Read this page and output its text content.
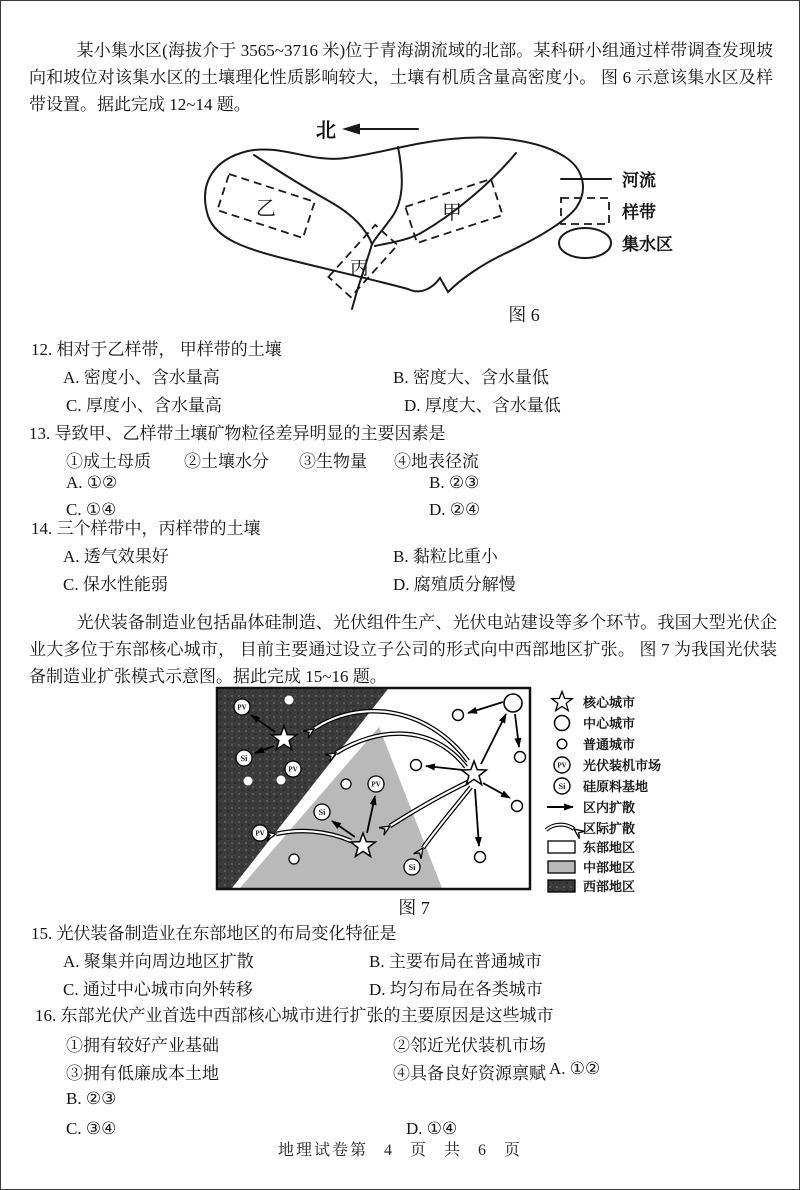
某小集水区(海拔介于 3565~3716 米)位于青海湖流域的北部。某科研小组通过样带调查发现坡向和坡位对该集水区的土壤理化性质影响较大，土壤有机质含量高密度小。 图 6 示意该集水区及样带设置。据此完成 12~14 题。
北
乙	甲
丙
河流
样带
集水区
图 6
12. 相对于乙样带， 甲样带的土壤
A. 密度小、含水量高	B. 密度大、含水量低
C. 厚度小、含水量高	D. 厚度大、含水量低
13. 导致甲、乙样带土壤矿物粒径差异明显的主要因素是
①成土母质 ②土壤水分 ③生物量 ④地表径流
A. ①②	B. ②③
C. ①④	D. ②④
14. 三个样带中，丙样带的土壤
A. 透气效果好	B. 黏粒比重小
C. 保水性能弱	D. 腐殖质分解慢
光伏装备制造业包括晶体硅制造、光伏组件生产、光伏电站建设等多个环节。我国大型光伏企业大多位于东部核心城市， 目前主要通过设立子公司的形式向中西部地区扩张。 图 7 为我国光伏装备制造业扩张模式示意图。据此完成 15~16 题。
PV
PV
PV
PV
Si
Si
Si
核心城市
中心城市
普通城市
PV 光伏装机市场
Si 硅原料基地
区内扩散
区际扩散
东部地区
中部地区
西部地区
图 7
15. 光伏装备制造业在东部地区的布局变化特征是
A. 聚集并向周边地区扩散	B. 主要布局在普通城市
C. 通过中心城市向外转移	D. 均匀布局在各类城市
16. 东部光伏产业首选中西部核心城市进行扩张的主要原因是这些城市
①拥有较好产业基础	②邻近光伏装机市场
③拥有低廉成本土地	④具备良好资源禀赋 A. ①②
B. ②③
C. ③④	D. ①④
地理试卷第 4 页 共 6 页
